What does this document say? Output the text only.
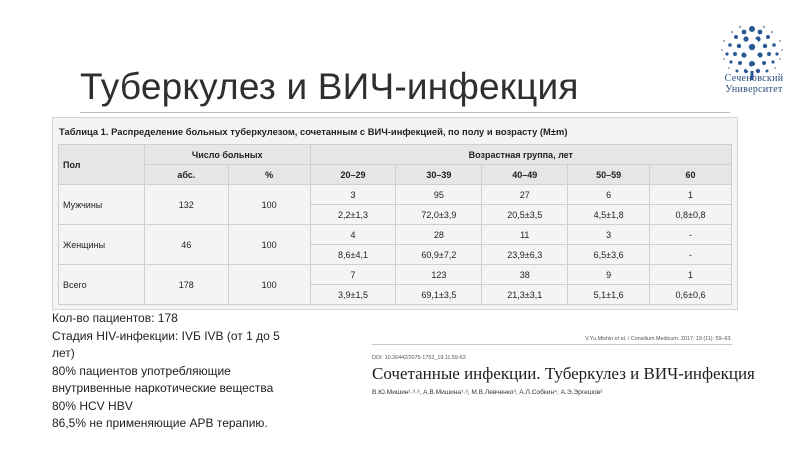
Туберкулез и ВИЧ-инфекция	Сеченовский
Университет
Таблица 1. Распределение больных туберкулезом, сочетанным с ВИЧ-инфекцией, по полу и возрасту (M±m)
Пол	Число больных		Возрастная группа, лет				
	абс.	%	20–29	30–39	40–49	50–59	60
Мужчины	132	100	3	95	27	6	1
			2,2±1,3	72,0±3,9	20,5±3,5	4,5±1,8	0,8±0,8
Женщины	46	100	4	28	11	3	-
			8,6±4,1	60,9±7,2	23,9±6,3	6,5±3,6	-
Всего	178	100	7	123	38	9	1
			3,9±1,5	69,1±3,5	21,3±3,1	5,1±1,6	0,6±0,6
Кол-во пациентов: 178
Стадия HIV-инфекции: IVБ IVB (от 1 до 5
лет)
80% пациентов употребляющие
внутривенные наркотические вещества
80% HCV HBV
86,5% не применяющие АРВ терапию.
V.Yu.Mishin et al. / Consilium Medicum. 2017; 19 (11): 59–63.
DOI: 10.26442/2075-1753_19.11.59-63
Сочетанные инфекции. Туберкулез и ВИЧ-инфекция
В.Ю.Мишин¹˒²˒³, А.В.Мишина¹˒³, М.В.Левченко³, А.Л.Собкин⁴, А.Э.Эргешов²
